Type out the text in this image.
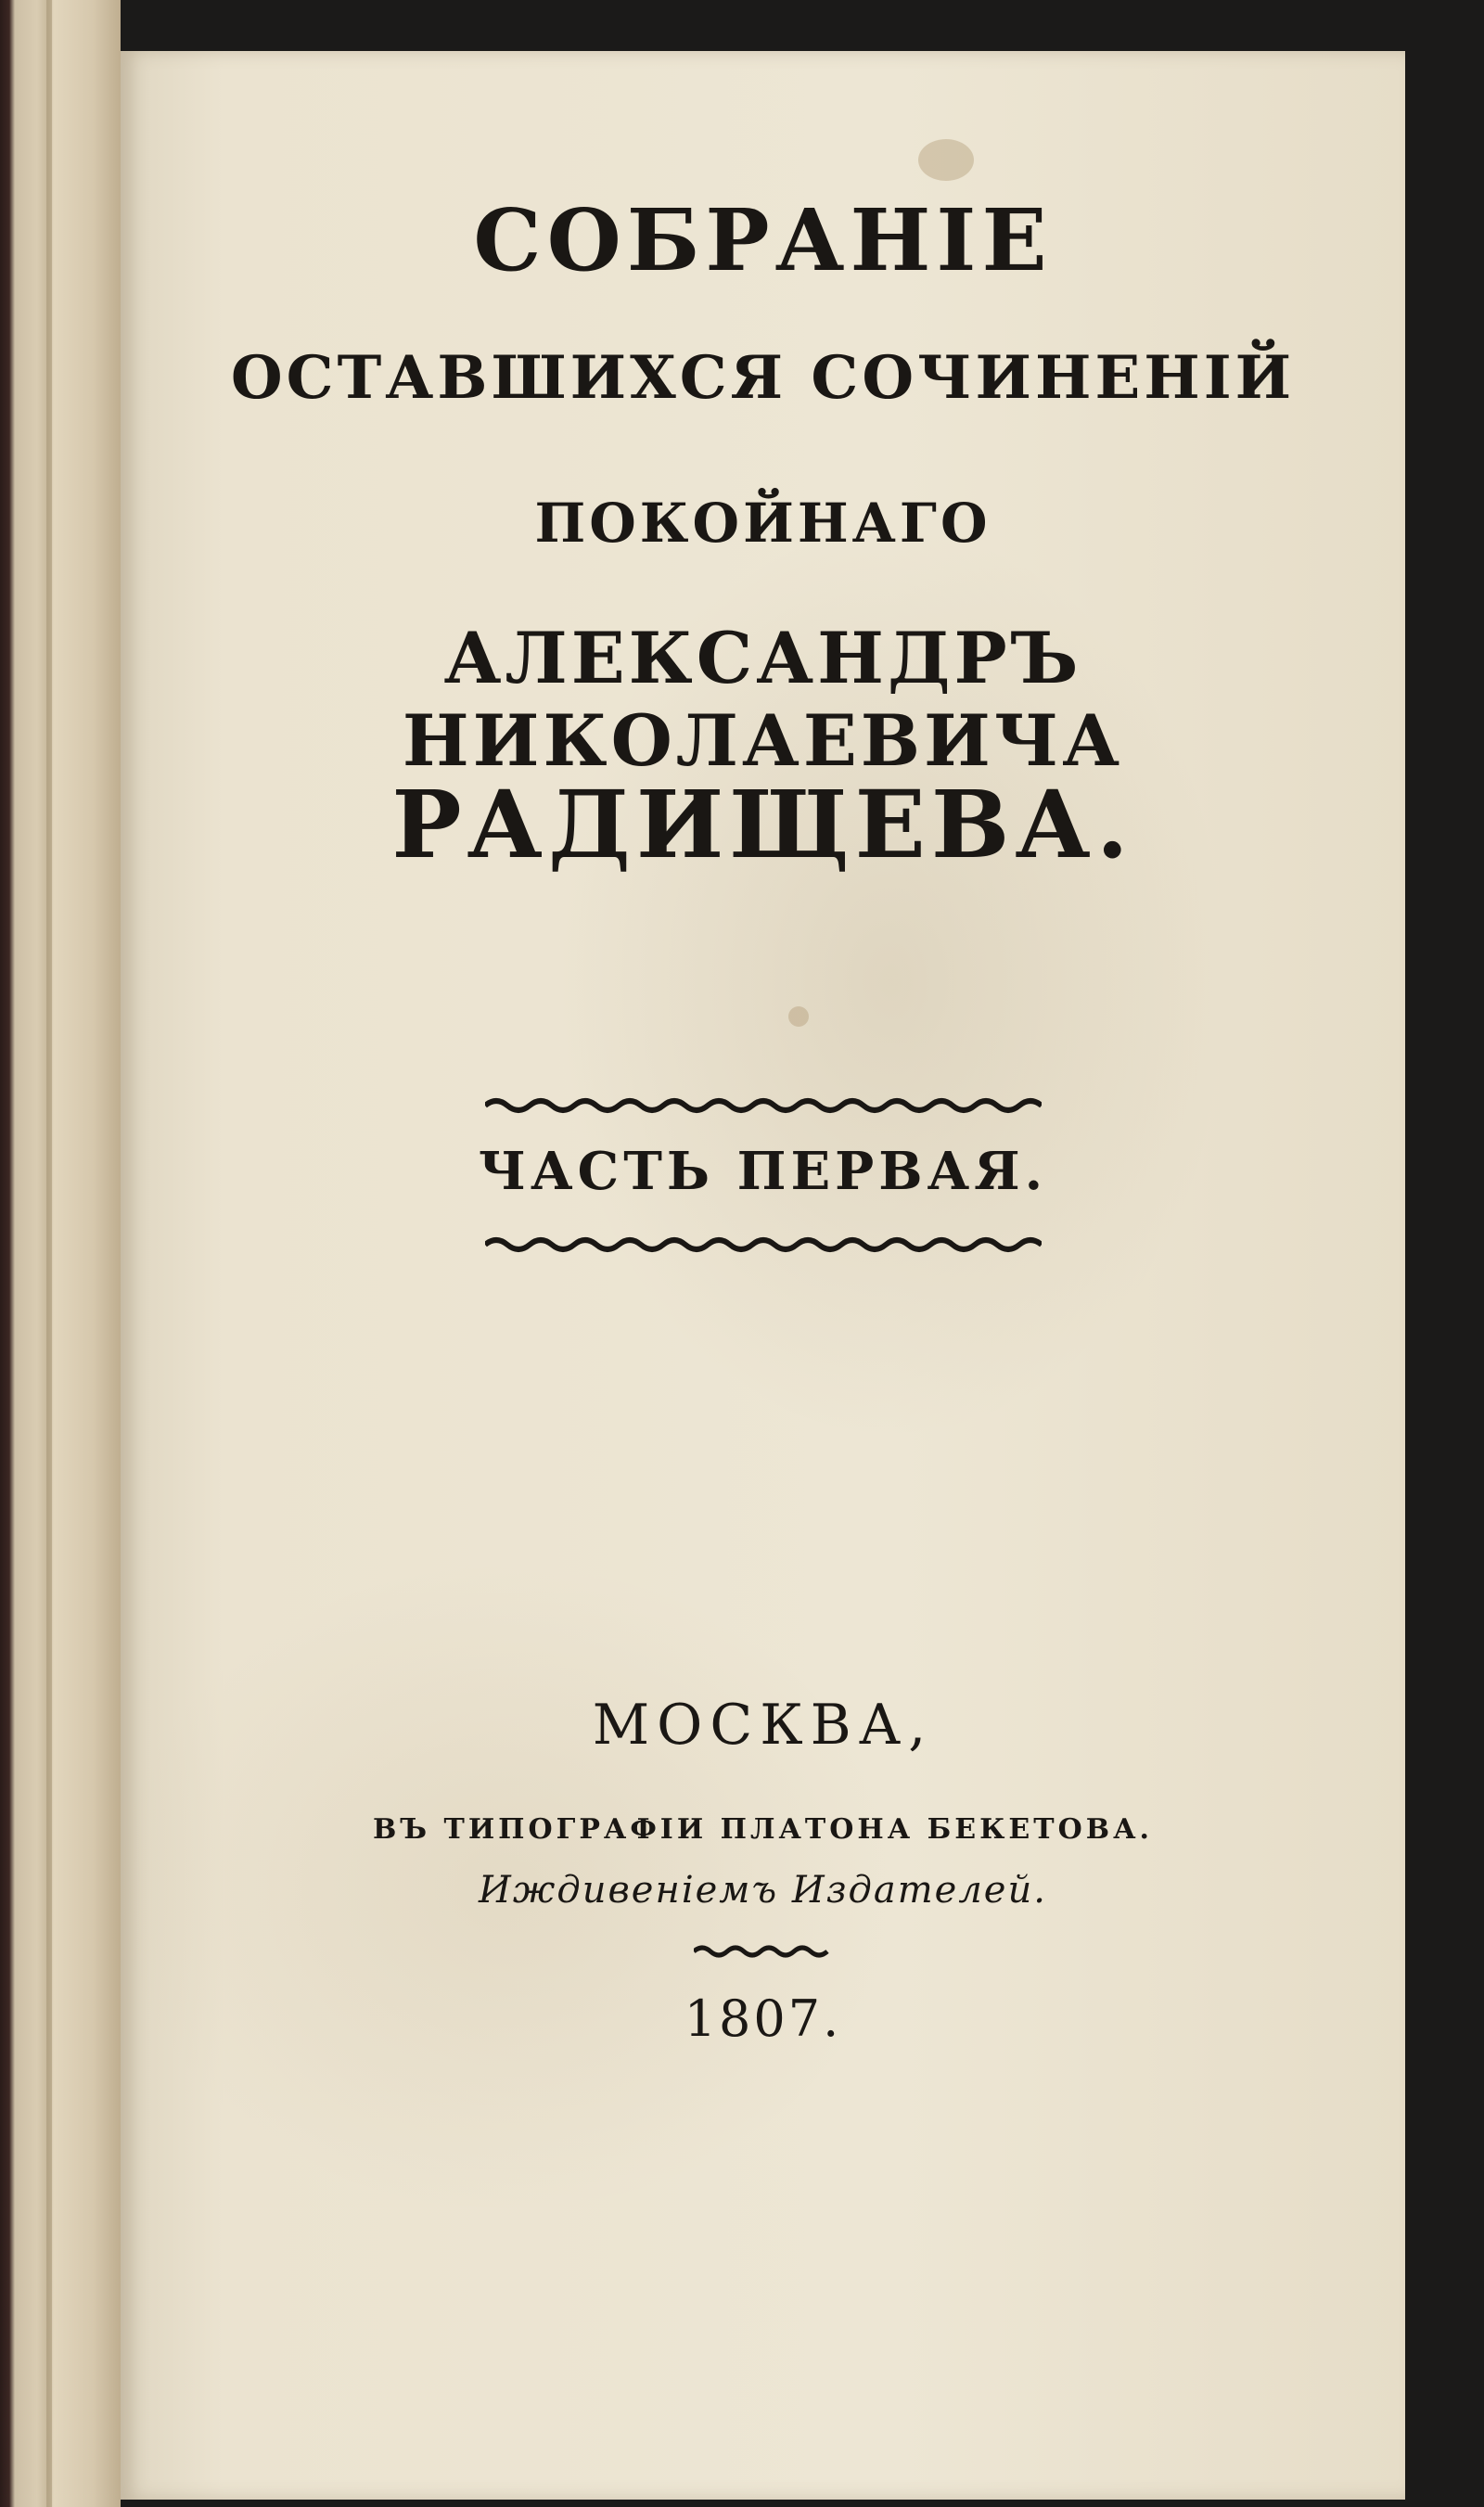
СОБРАНІЕ
ОСТАВШИХСЯ СОЧИНЕНІЙ
ПОКОЙНАГО
АЛЕКСАНДРЪ НИКОЛАЕВИЧА
РАДИЩЕВА.
ЧАСТЬ ПЕРВАЯ.
МОСКВА,
ВЪ ТИПОГРАФІИ ПЛАТОНА БЕКЕТОВА.
Иждивеніемъ Издателей.
1807.
